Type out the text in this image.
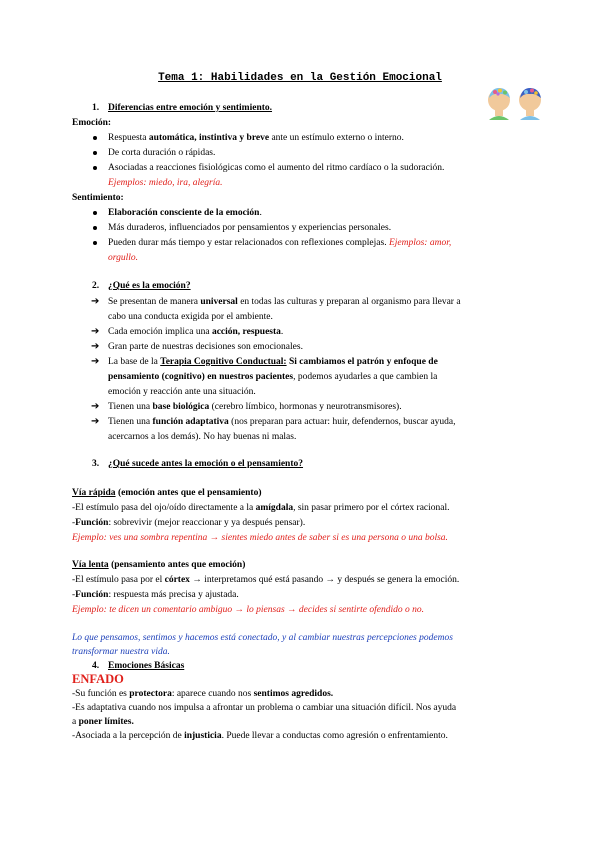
Tema 1: Habilidades en la Gestión Emocional
1. Diferencias entre emoción y sentimiento.
Emoción:
Respuesta automática, instintiva y breve ante un estímulo externo o interno.
De corta duración o rápidas.
Asociadas a reacciones fisiológicas como el aumento del ritmo cardíaco o la sudoración.
Ejemplos: miedo, ira, alegría.
Sentimiento:
Elaboración consciente de la emoción.
Más duraderos, influenciados por pensamientos y experiencias personales.
Pueden durar más tiempo y estar relacionados con reflexiones complejas. Ejemplos: amor,
orgullo.
2. ¿Qué es la emoción?
➔ Se presentan de manera universal en todas las culturas y preparan al organismo para llevar a
cabo una conducta exigida por el ambiente.
➔ Cada emoción implica una acción, respuesta.
➔ Gran parte de nuestras decisiones son emocionales.
➔ La base de la Terapia Cognitivo Conductual: Si cambiamos el patrón y enfoque de
pensamiento (cognitivo) en nuestros pacientes, podemos ayudarles a que cambien la
emoción y reacción ante una situación.
➔ Tienen una base biológica (cerebro límbico, hormonas y neurotransmisores).
➔ Tienen una función adaptativa (nos preparan para actuar: huir, defendernos, buscar ayuda,
acercarnos a los demás). No hay buenas ni malas.
3. ¿Qué sucede antes la emoción o el pensamiento?
Vía rápida (emoción antes que el pensamiento)
-El estímulo pasa del ojo/oído directamente a la amígdala, sin pasar primero por el córtex racional.
-Función: sobrevivir (mejor reaccionar y ya después pensar).
Ejemplo: ves una sombra repentina → sientes miedo antes de saber si es una persona o una bolsa.
Vía lenta (pensamiento antes que emoción)
-El estímulo pasa por el córtex → interpretamos qué está pasando → y después se genera la emoción.
-Función: respuesta más precisa y ajustada.
Ejemplo: te dicen un comentario ambiguo → lo piensas → decides si sentirte ofendido o no.
Lo que pensamos, sentimos y hacemos está conectado, y al cambiar nuestras percepciones podemos
transformar nuestra vida.
4. Emociones Básicas
ENFADO
-Su función es protectora: aparece cuando nos sentimos agredidos.
-Es adaptativa cuando nos impulsa a afrontar un problema o cambiar una situación difícil. Nos ayuda
a poner límites.
-Asociada a la percepción de injusticia. Puede llevar a conductas como agresión o enfrentamiento.
